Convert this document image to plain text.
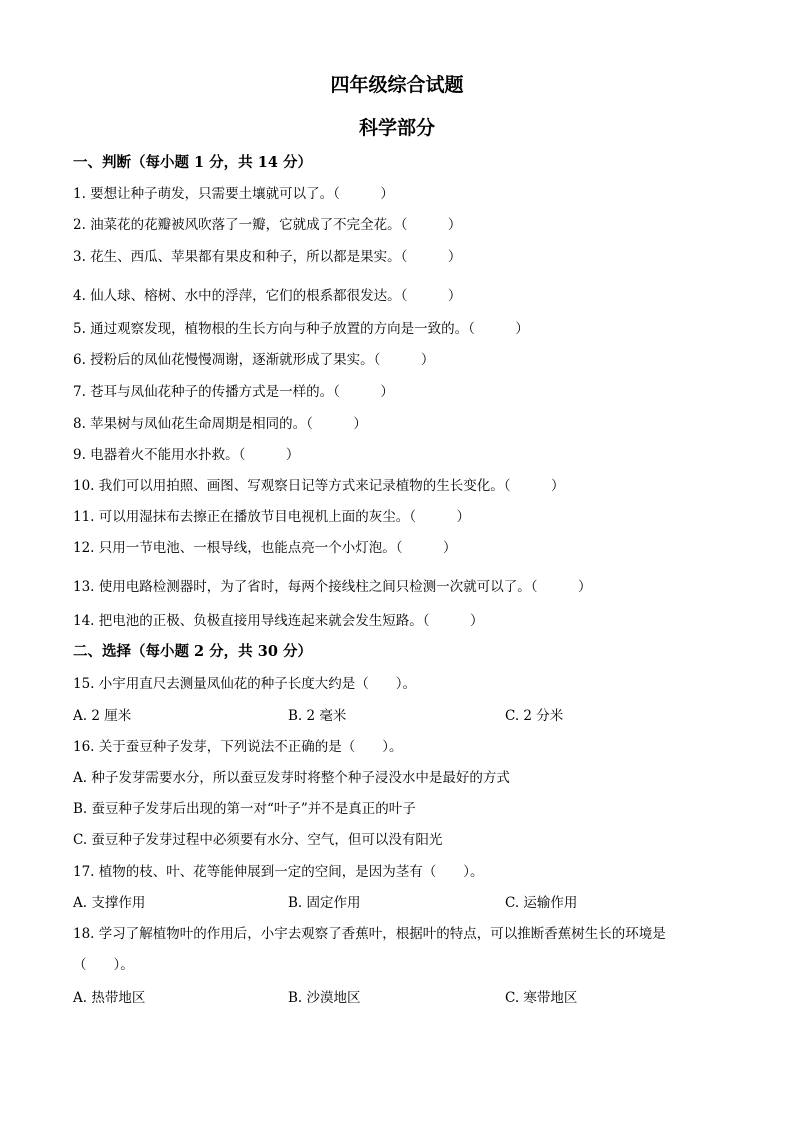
四年级综合试题
科学部分
一、判断（每小题 1 分，共 14 分）
1. 要想让种子萌发，只需要土壤就可以了。（　　　）
2. 油菜花的花瓣被风吹落了一瓣，它就成了不完全花。（　　　）
3. 花生、西瓜、苹果都有果皮和种子，所以都是果实。（　　　）
4. 仙人球、榕树、水中的浮萍，它们的根系都很发达。（　　　）
5. 通过观察发现，植物根的生长方向与种子放置的方向是一致的。（　　　）
6. 授粉后的凤仙花慢慢凋谢，逐渐就形成了果实。（　　　）
7. 苍耳与凤仙花种子的传播方式是一样的。（　　　）
8. 苹果树与凤仙花生命周期是相同的。（　　　）
9. 电器着火不能用水扑救。（　　　）
10. 我们可以用拍照、画图、写观察日记等方式来记录植物的生长变化。（　　　）
11. 可以用湿抹布去擦正在播放节目电视机上面的灰尘。（　　　）
12. 只用一节电池、一根导线，也能点亮一个小灯泡。（　　　）
13. 使用电路检测器时，为了省时，每两个接线柱之间只检测一次就可以了。（　　　）
14. 把电池的正极、负极直接用导线连起来就会发生短路。（　　　）
二、选择（每小题 2 分，共 30 分）
15. 小宇用直尺去测量凤仙花的种子长度大约是（　　）。
A. 2 厘米	B. 2 毫米	C. 2 分米
16. 关于蚕豆种子发芽，下列说法不正确的是（　　）。
A. 种子发芽需要水分，所以蚕豆发芽时将整个种子浸没水中是最好的方式
B. 蚕豆种子发芽后出现的第一对“叶子”并不是真正的叶子
C. 蚕豆种子发芽过程中必须要有水分、空气，但可以没有阳光
17. 植物的枝、叶、花等能伸展到一定的空间，是因为茎有（　　）。
A. 支撑作用	B. 固定作用	C. 运输作用
18. 学习了解植物叶的作用后，小宇去观察了香蕉叶，根据叶的特点，可以推断香蕉树生长的环境是
（　　）。
A. 热带地区	B. 沙漠地区	C. 寒带地区
